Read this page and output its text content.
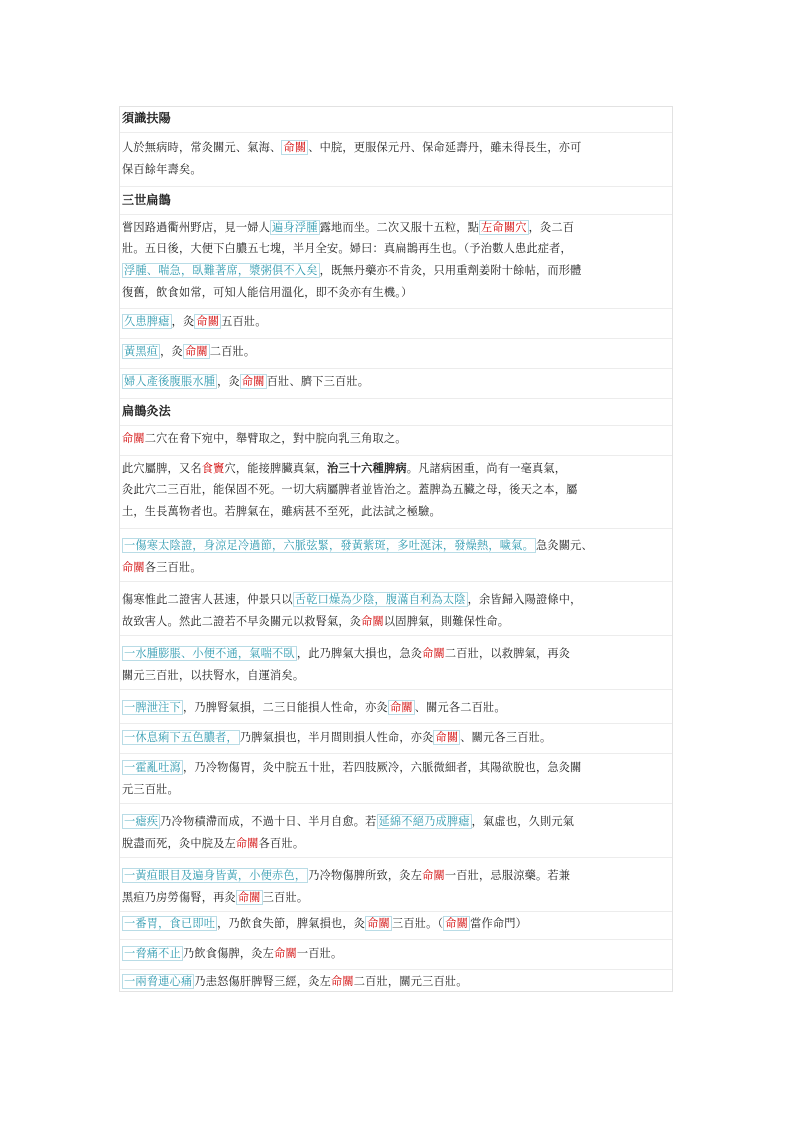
須識扶陽
人於無病時，常灸關元、氣海、 命關 、中脘，更服保元丹、保命延壽丹，雖未得長生，亦可
保百餘年壽矣。
三世扁鵲
嘗因路過衢州野店，見一婦人 遍身浮腫 露地而坐。二次又服十五粒，點 左命關穴 ，灸二百
壯。五日後，大便下白膿五七塊，半月全安。婦曰：真扁鵲再生也。（予治數人患此症者，
浮腫、喘急，臥難著席，漿粥俱不入矣 ，既無丹藥亦不肯灸，只用重劑姜附十餘帖，而形體
復舊，飲食如常，可知人能信用溫化，即不灸亦有生機。）
久患脾瘧 ，灸 命關 五百壯。
黃黑疸 ，灸 命關 二百壯。
婦人產後腹脹水腫 ，灸 命關 百壯、臍下三百壯。
扁鵲灸法
命關二穴在脅下宛中，舉臂取之，對中脘向乳三角取之。
此穴屬脾，又名食竇穴，能接脾臟真氣，治三十六種脾病。凡諸病困重，尚有一毫真氣，
灸此穴二三百壯，能保固不死。一切大病屬脾者並皆治之。蓋脾為五臟之母，後天之本，屬
土，生長萬物者也。若脾氣在，雖病甚不至死，此法試之極驗。
一傷寒太陰證，身涼足冷過節，六脈弦緊，發黃紫斑，多吐涎沫，發燥熱，噦氣。 急灸關元、
命關各三百壯。
傷寒惟此二證害人甚速，仲景只以 舌乾口燥為少陰，腹滿自利為太陰 ，余皆歸入陽證條中，
故致害人。然此二證若不早灸關元以救腎氣，灸命關以固脾氣，則難保性命。
一水腫膨脹、小便不通，氣喘不臥 ，此乃脾氣大損也，急灸命關二百壯，以救脾氣，再灸
關元三百壯，以扶腎水，自運消矣。
一脾泄注下 ，乃脾腎氣損，二三日能損人性命，亦灸 命關 、關元各二百壯。
一休息痢下五色膿者， 乃脾氣損也，半月間則損人性命，亦灸 命關 、關元各三百壯。
一霍亂吐瀉 ，乃冷物傷胃，灸中脘五十壯，若四肢厥冷，六脈微細者，其陽欲脫也，急灸關
元三百壯。
一瘧疾 乃冷物積滯而成，不過十日、半月自愈。若 延綿不絕乃成脾瘧 ，氣虛也，久則元氣
脫盡而死，灸中脘及左命關各百壯。
一黃疸眼目及遍身皆黃，小便赤色， 乃冷物傷脾所致，灸左命關一百壯，忌服涼藥。若兼
黑疸乃房勞傷腎，再灸 命關 三百壯。
一番胃，食已即吐 ，乃飲食失節，脾氣損也，灸 命關 三百壯。（ 命關 當作命門）
一脅痛不止 乃飲食傷脾，灸左命關一百壯。
一兩脅連心痛 乃恚怒傷肝脾腎三經，灸左命關二百壯，關元三百壯。
